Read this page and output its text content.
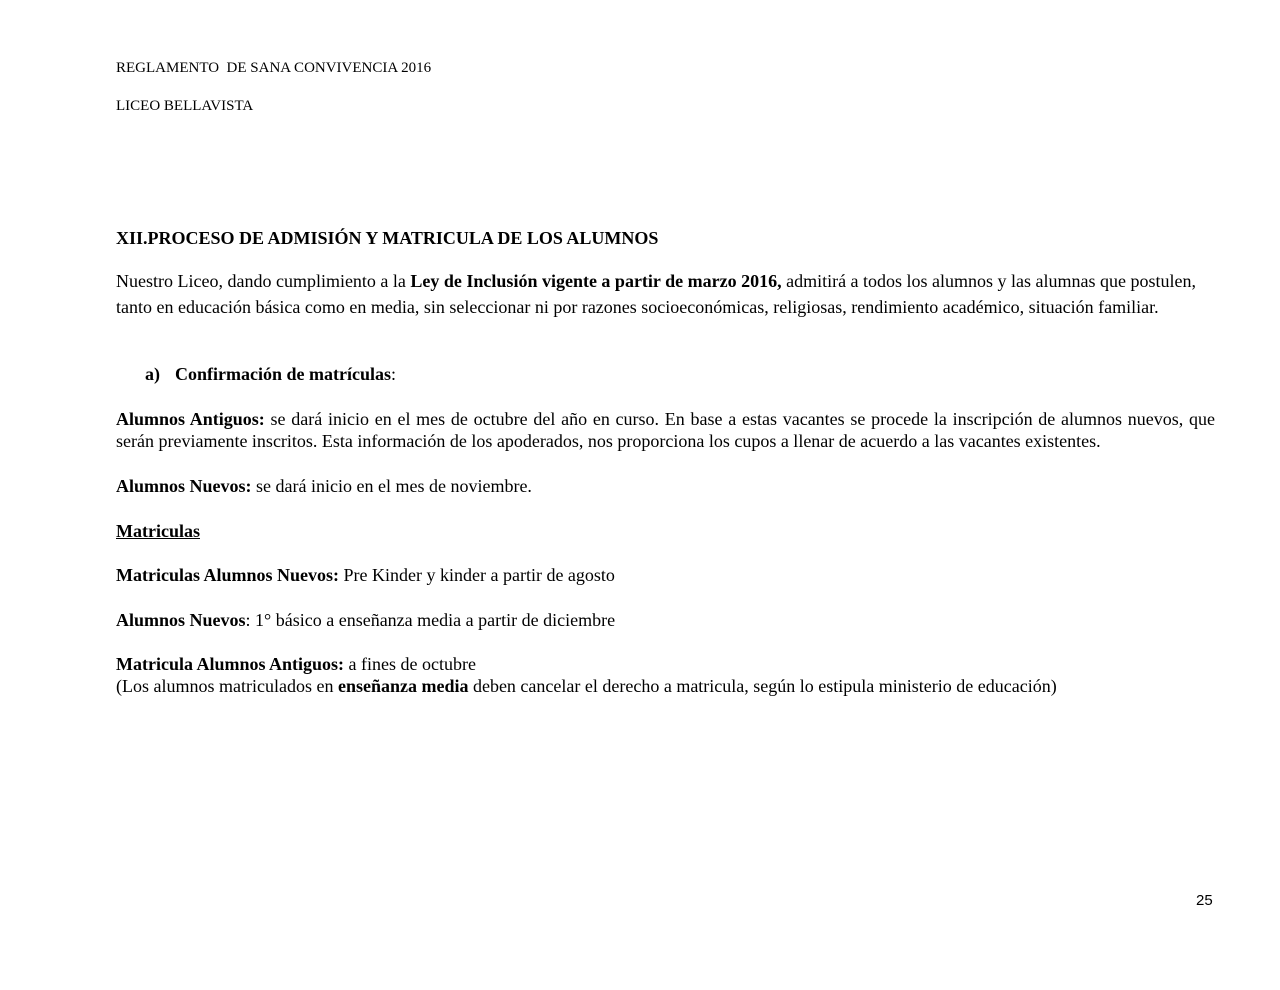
REGLAMENTO  DE SANA CONVIVENCIA 2016
LICEO BELLAVISTA
XII.PROCESO DE ADMISIÓN Y MATRICULA DE LOS ALUMNOS
Nuestro Liceo, dando cumplimiento a la Ley de Inclusión vigente a partir de marzo 2016, admitirá a todos los alumnos y las alumnas que postulen, tanto en educación básica como en media, sin seleccionar ni por razones socioeconómicas, religiosas, rendimiento académico, situación familiar.
a) Confirmación de matrículas:
Alumnos Antiguos: se dará inicio en el mes de octubre del año en curso. En base a estas vacantes se procede la inscripción de alumnos nuevos, que serán previamente inscritos. Esta información de los apoderados, nos proporciona los cupos a llenar de acuerdo a las vacantes existentes.
Alumnos Nuevos: se dará inicio en el mes de noviembre.
Matriculas
Matriculas Alumnos Nuevos: Pre Kinder y kinder a partir de agosto
Alumnos Nuevos: 1° básico a enseñanza media a partir de diciembre
Matricula Alumnos Antiguos: a fines de octubre
(Los alumnos matriculados en enseñanza media deben cancelar el derecho a matricula, según lo estipula ministerio de educación)
25
